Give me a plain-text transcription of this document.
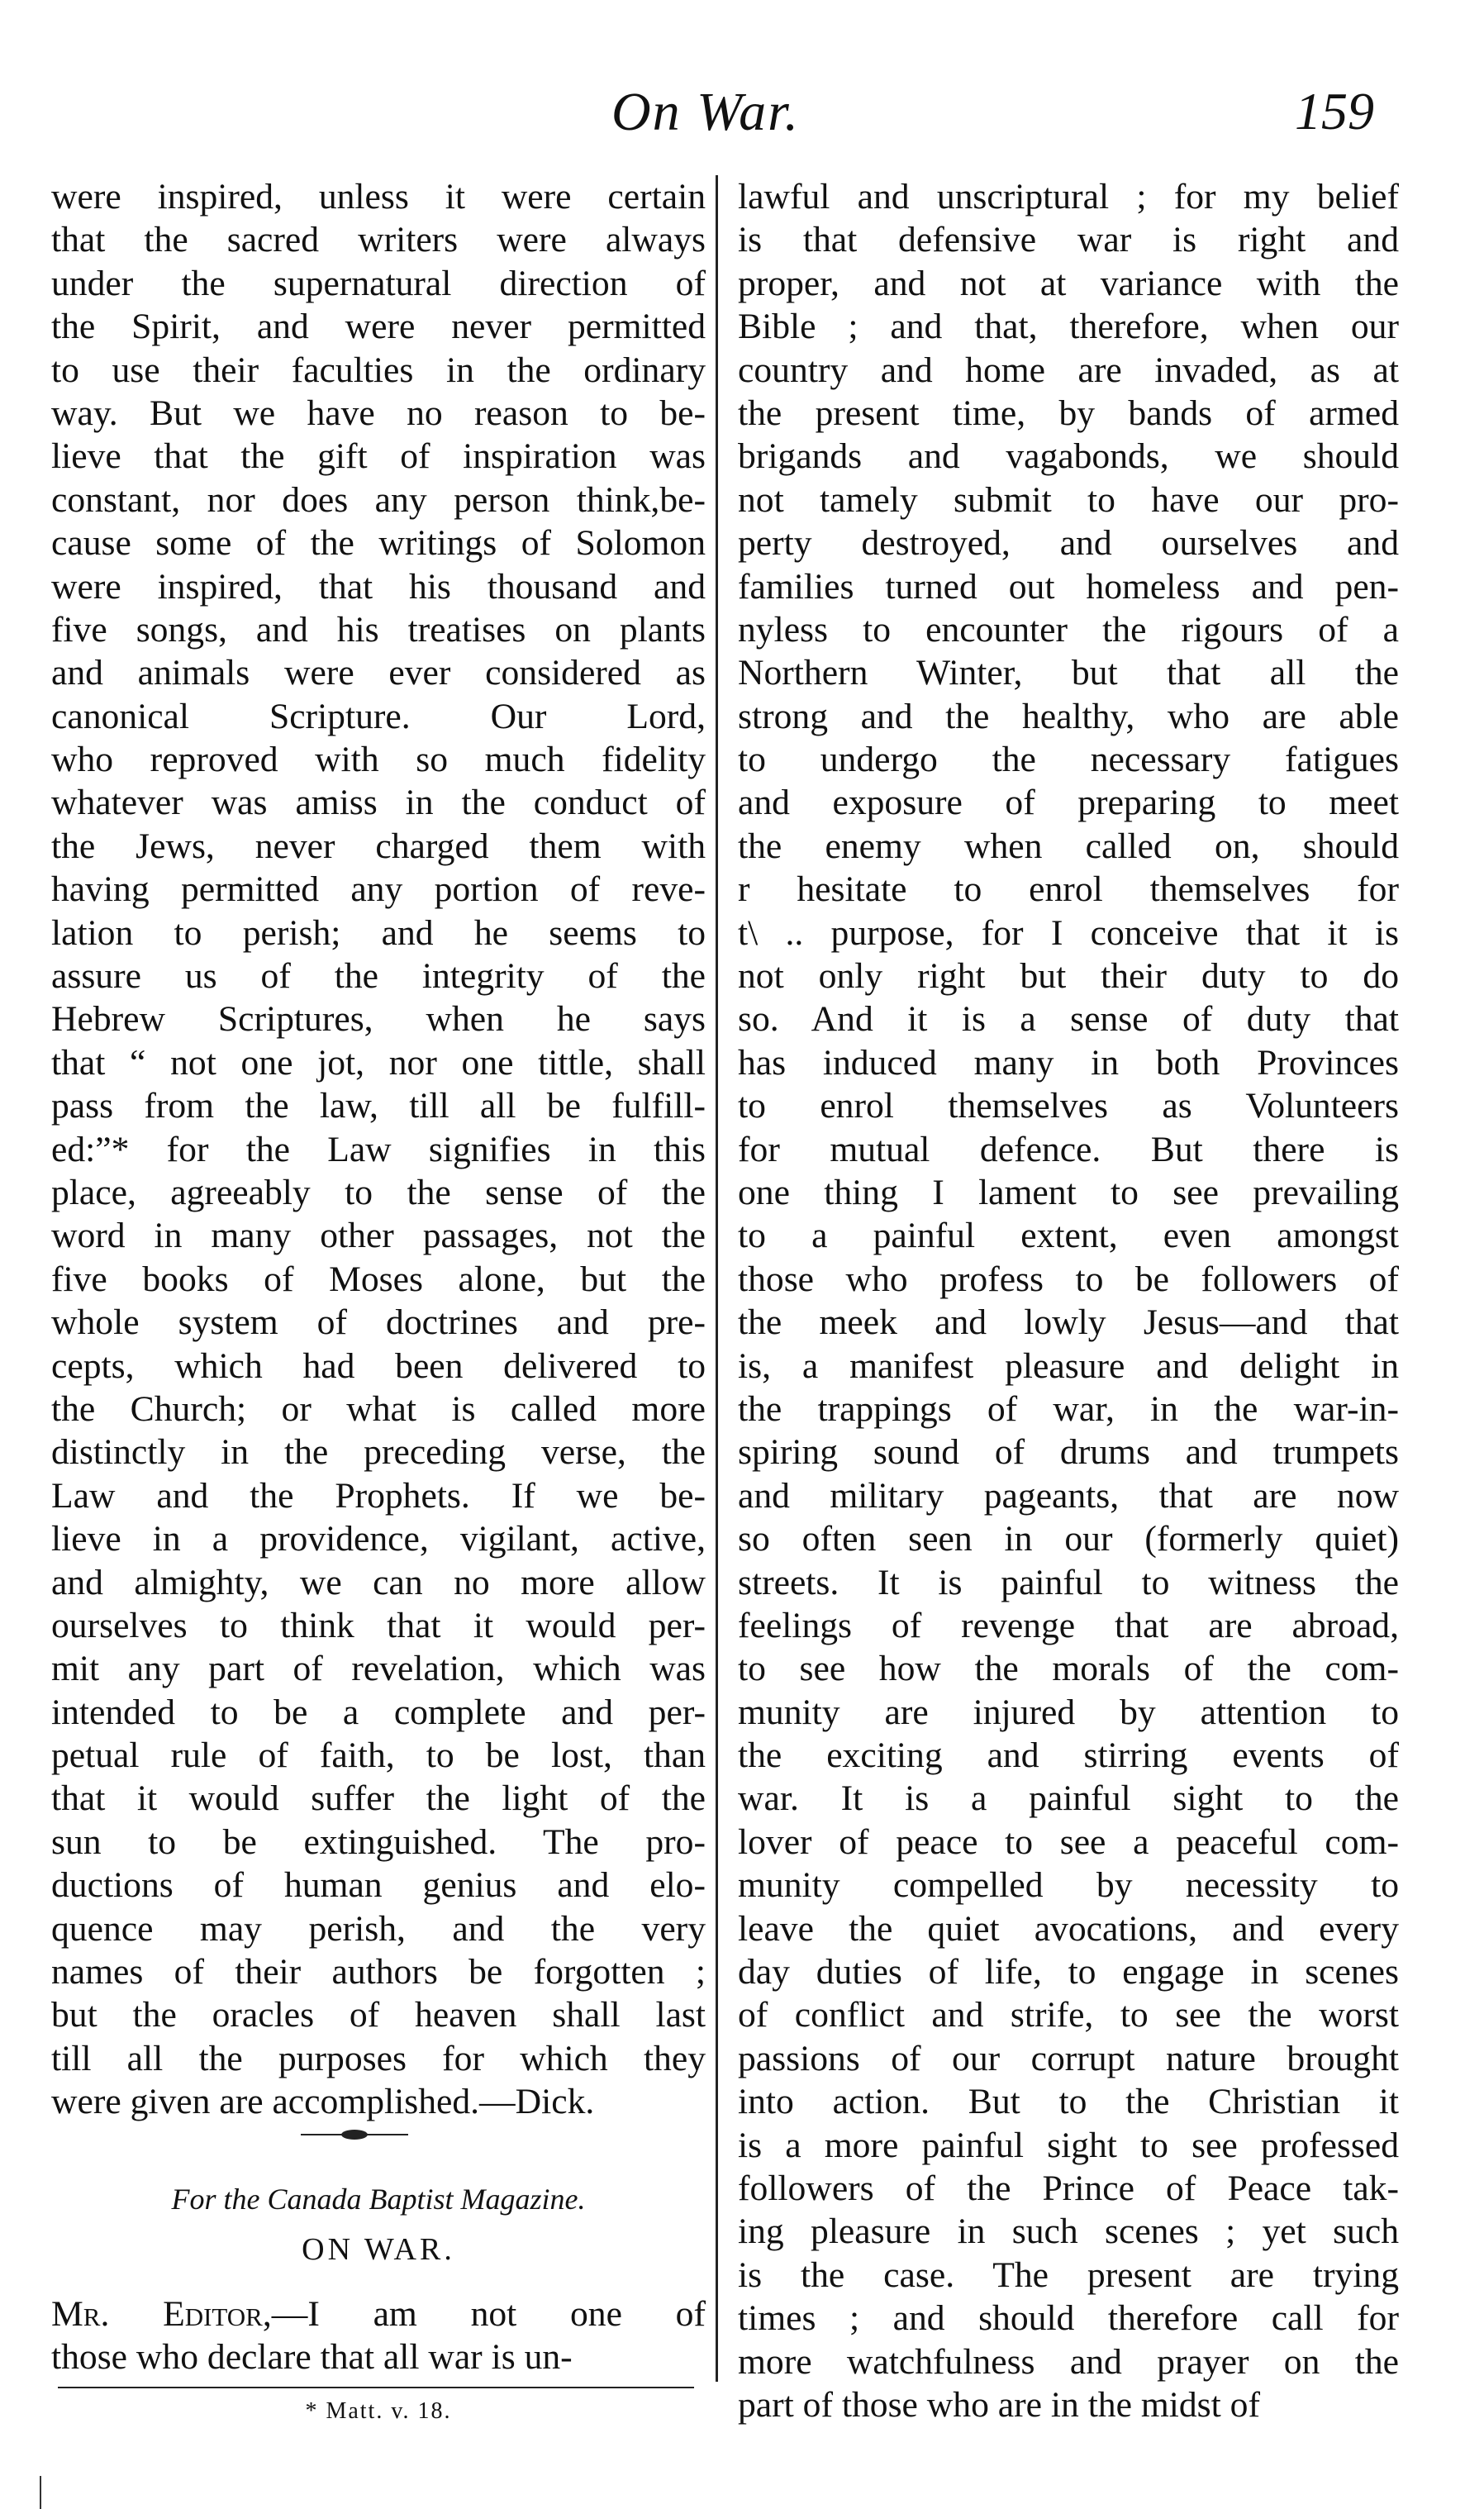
On War.	159
were inspired, unless it were certain
that the sacred writers were always
under the supernatural direction of
the Spirit, and were never permitted
to use their faculties in the ordinary
way. But we have no reason to be-
lieve that the gift of inspiration was
constant, nor does any person think,be-
cause some of the writings of Solomon
were inspired, that his thousand and
five songs, and his treatises on plants
and animals were ever considered as
canonical Scripture. Our Lord,
who reproved with so much fidelity
whatever was amiss in the conduct of
the Jews, never charged them with
having permitted any portion of reve-
lation to perish; and he seems to
assure us of the integrity of the
Hebrew Scriptures, when he says
that “ not one jot, nor one tittle, shall
pass from the law, till all be fulfill-
ed:”* for the Law signifies in this
place, agreeably to the sense of the
word in many other passages, not the
five books of Moses alone, but the
whole system of doctrines and pre-
cepts, which had been delivered to
the Church; or what is called more
distinctly in the preceding verse, the
Law and the Prophets. If we be-
lieve in a providence, vigilant, active,
and almighty, we can no more allow
ourselves to think that it would per-
mit any part of revelation, which was
intended to be a complete and per-
petual rule of faith, to be lost, than
that it would suffer the light of the
sun to be extinguished. The pro-
ductions of human genius and elo-
quence may perish, and the very
names of their authors be forgotten ;
but the oracles of heaven shall last
till all the purposes for which they
were given are accomplished.—Dick.
For the Canada Baptist Magazine.
ON WAR.
Mr. Editor,—I am not one of
those who declare that all war is un-
* Matt. v. 18.
lawful and unscriptural ; for my belief
is that defensive war is right and
proper, and not at variance with the
Bible ; and that, therefore, when our
country and home are invaded, as at
the present time, by bands of armed
brigands and vagabonds, we should
not tamely submit to have our pro-
perty destroyed, and ourselves and
families turned out homeless and pen-
nyless to encounter the rigours of a
Northern Winter, but that all the
strong and the healthy, who are able
to undergo the necessary fatigues
and exposure of preparing to meet
the enemy when called on, should
r hesitate to enrol themselves for
t\ .. purpose, for I conceive that it is
not only right but their duty to do
so. And it is a sense of duty that
has induced many in both Provinces
to enrol themselves as Volunteers
for mutual defence. But there is
one thing I lament to see prevailing
to a painful extent, even amongst
those who profess to be followers of
the meek and lowly Jesus—and that
is, a manifest pleasure and delight in
the trappings of war, in the war-in-
spiring sound of drums and trumpets
and military pageants, that are now
so often seen in our (formerly quiet)
streets. It is painful to witness the
feelings of revenge that are abroad,
to see how the morals of the com-
munity are injured by attention to
the exciting and stirring events of
war. It is a painful sight to the
lover of peace to see a peaceful com-
munity compelled by necessity to
leave the quiet avocations, and every
day duties of life, to engage in scenes
of conflict and strife, to see the worst
passions of our corrupt nature brought
into action. But to the Christian it
is a more painful sight to see professed
followers of the Prince of Peace tak-
ing pleasure in such scenes ; yet such
is the case. The present are trying
times ; and should therefore call for
more watchfulness and prayer on the
part of those who are in the midst of
